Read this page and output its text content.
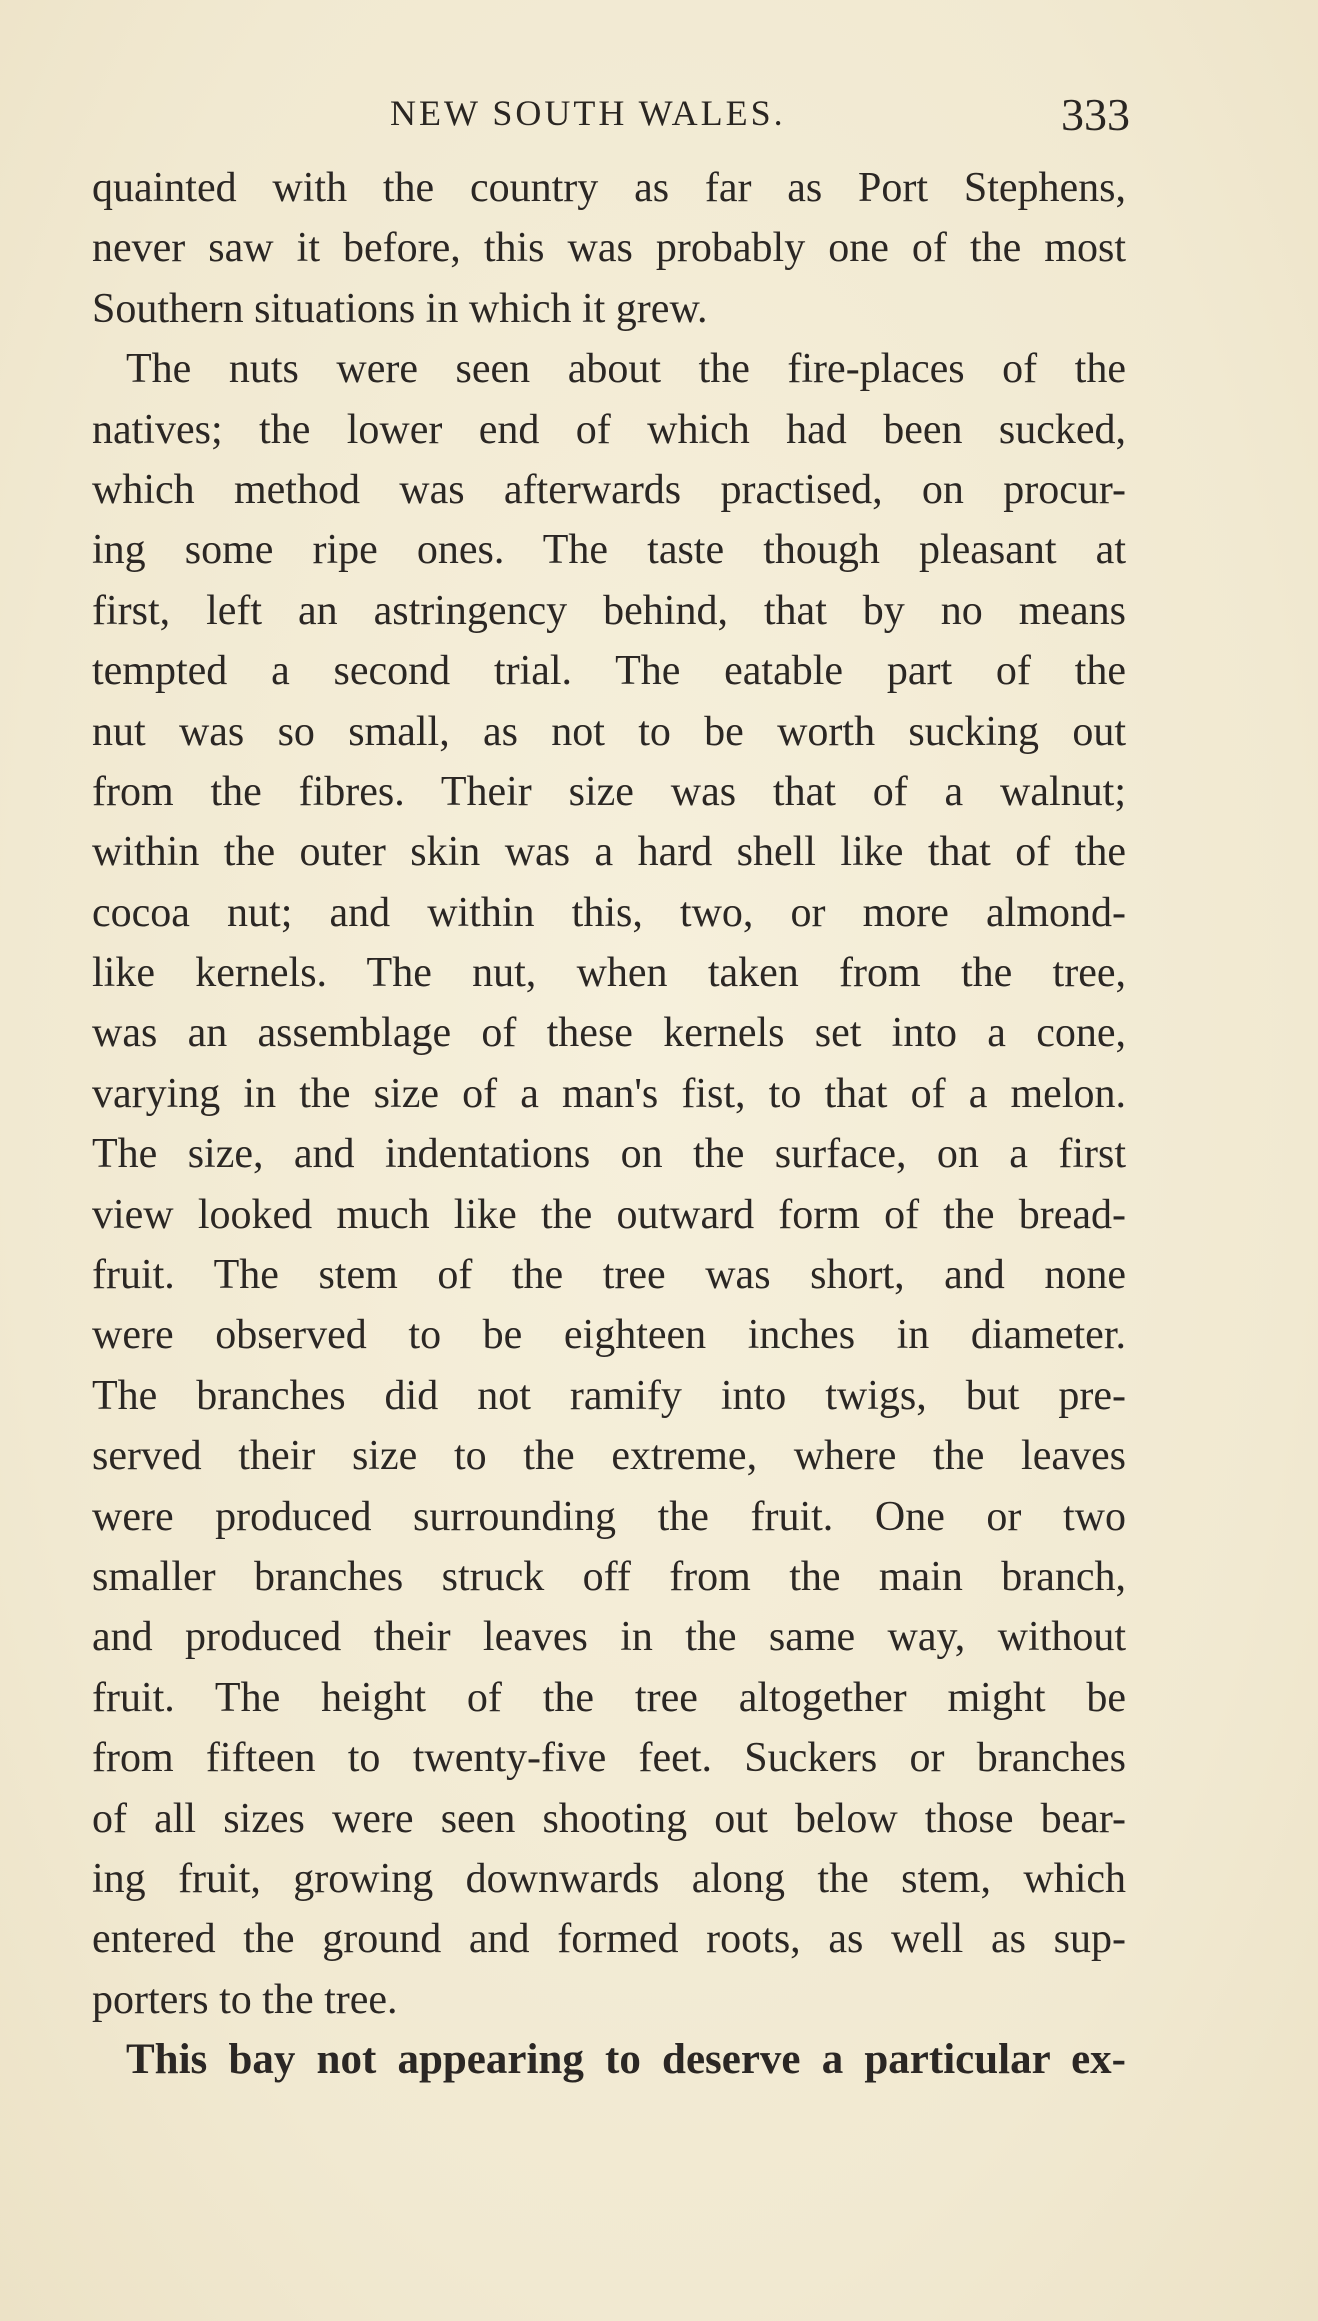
NEW SOUTH WALES.	333
quainted with the country as far as Port Stephens,
never saw it before, this was probably one of the most
Southern situations in which it grew.
The nuts were seen about the fire-places of the
natives; the lower end of which had been sucked,
which method was afterwards practised, on procur-
ing some ripe ones. The taste though pleasant at
first, left an astringency behind, that by no means
tempted a second trial. The eatable part of the
nut was so small, as not to be worth sucking out
from the fibres. Their size was that of a walnut;
within the outer skin was a hard shell like that of the
cocoa nut; and within this, two, or more almond-
like kernels. The nut, when taken from the tree,
was an assemblage of these kernels set into a cone,
varying in the size of a man's fist, to that of a melon.
The size, and indentations on the surface, on a first
view looked much like the outward form of the bread-
fruit. The stem of the tree was short, and none
were observed to be eighteen inches in diameter.
The branches did not ramify into twigs, but pre-
served their size to the extreme, where the leaves
were produced surrounding the fruit. One or two
smaller branches struck off from the main branch,
and produced their leaves in the same way, without
fruit. The height of the tree altogether might be
from fifteen to twenty-five feet. Suckers or branches
of all sizes were seen shooting out below those bear-
ing fruit, growing downwards along the stem, which
entered the ground and formed roots, as well as sup-
porters to the tree.
This bay not appearing to deserve a particular ex-
